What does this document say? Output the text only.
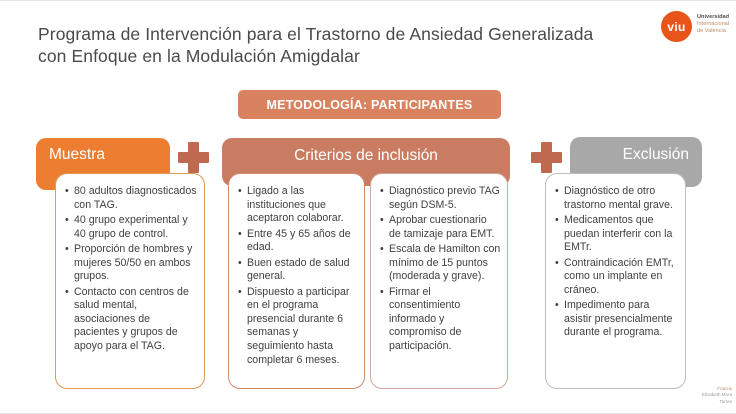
Programa de Intervención para el Trastorno de Ansiedad Generalizada con Enfoque en la Modulación Amigdalar
viu
Universidad
Internacional
de Valencia
METODOLOGÍA: PARTICIPANTES
Muestra	Criterios de inclusión	Exclusión
• 80 adultos diagnosticados con TAG.
• 40 grupo experimental y 40 grupo de control.
• Proporción de hombres y mujeres 50/50 en ambos grupos.
• Contacto con centros de salud mental, asociaciones de pacientes y grupos de apoyo para el TAG.
• Ligado a las instituciones que aceptaron colaborar.
• Entre 45 y 65 años de edad.
• Buen estado de salud general.
• Dispuesto a participar en el programa presencial durante 6 semanas y seguimiento hasta completar 6 meses.
• Diagnóstico previo TAG según DSM-5.
• Aprobar cuestionario de tamizaje para EMT.
• Escala de Hamilton con mínimo de 15 puntos (moderada y grave).
• Firmar el consentimiento informado y compromiso de participación.
• Diagnóstico de otro trastorno mental grave.
• Medicamentos que puedan interferir con la EMTr.
• Contraindicación EMTr, como un implante en cráneo.
• Impedimento para asistir presencialmente durante el programa.
Francis
Elizabeth Mora
Torres
